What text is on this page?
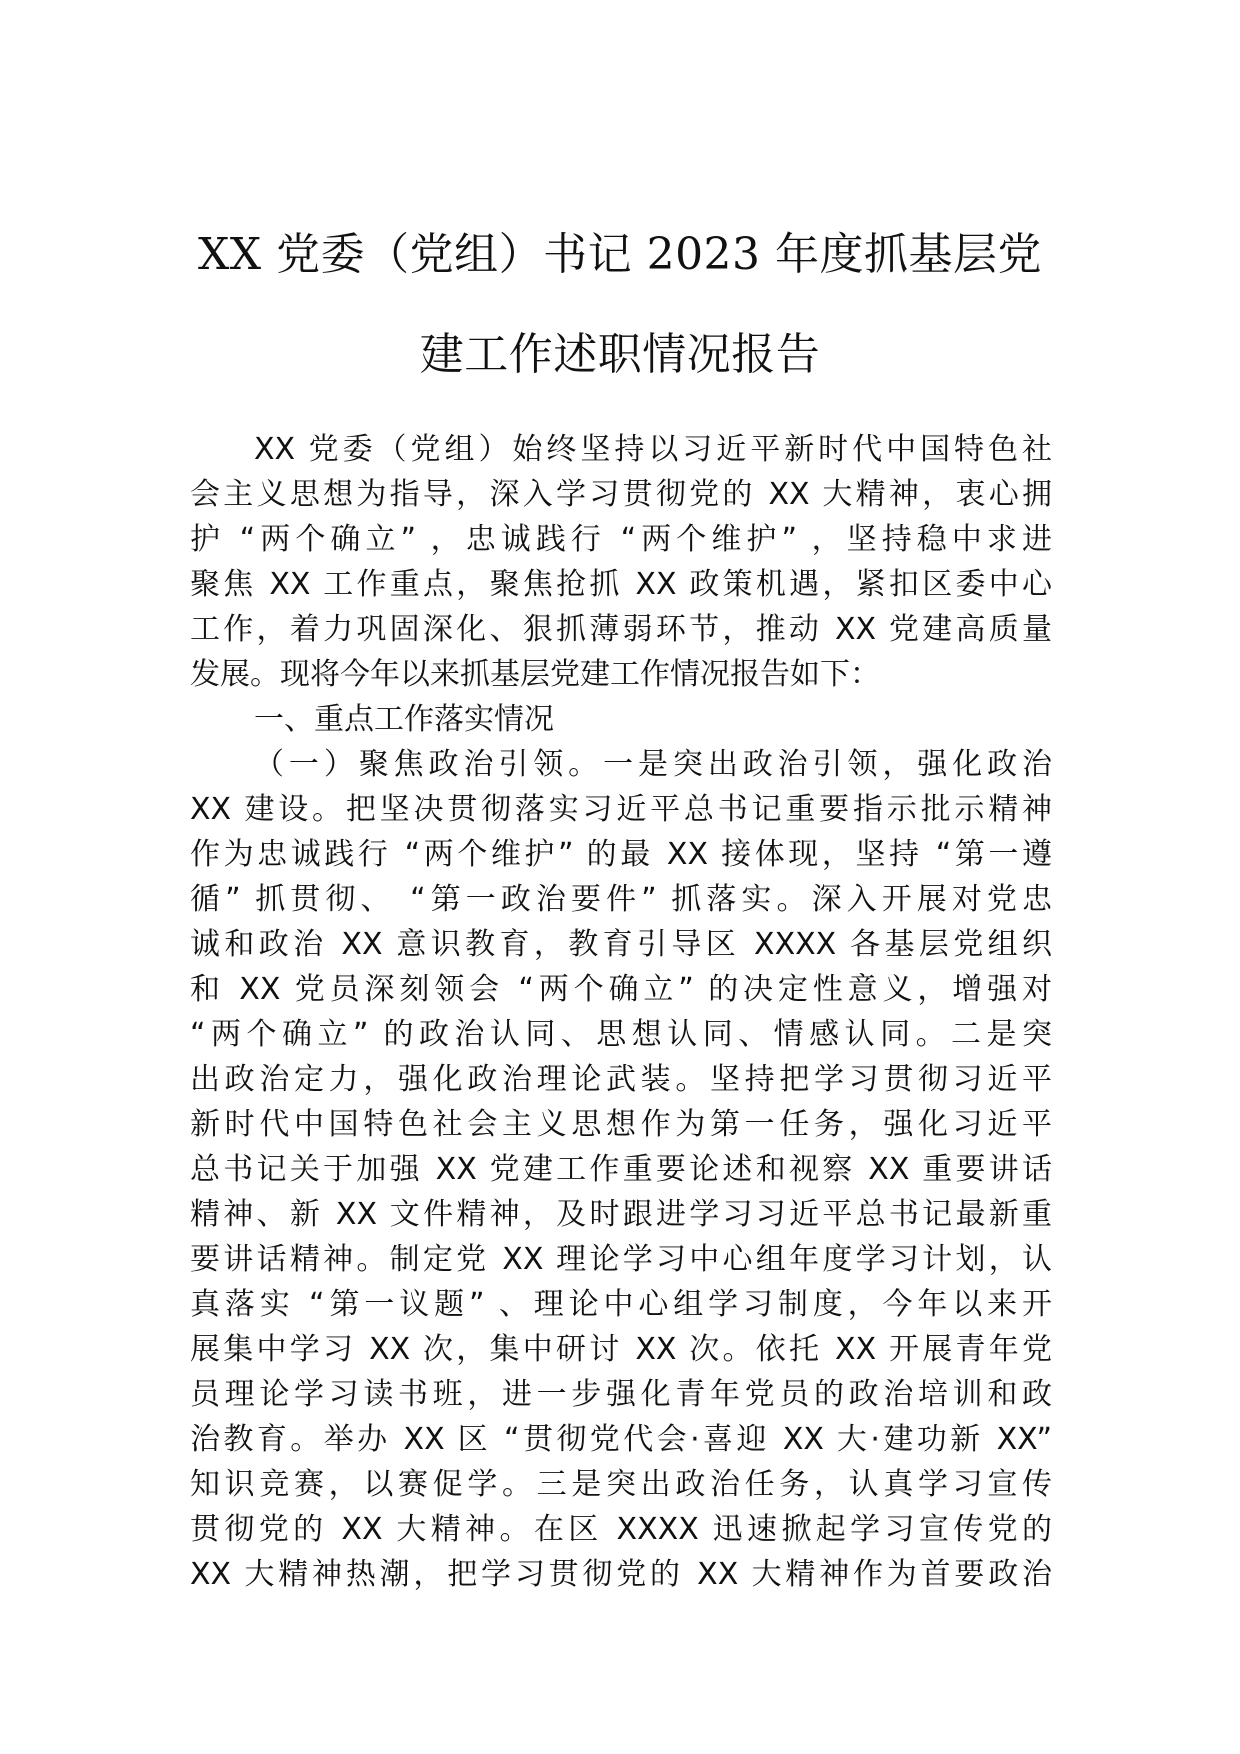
XX 党委（党组）书记 2023 年度抓基层党
建工作述职情况报告
XX 党委（党组）始终坚持以习近平新时代中国特色社
会主义思想为指导，深入学习贯彻党的 XX 大精神，衷心拥
护 “两个确立” ，忠诚践行 “两个维护” ，坚持稳中求进
聚焦 XX 工作重点，聚焦抢抓 XX 政策机遇，紧扣区委中心
工作，着力巩固深化、狠抓薄弱环节，推动 XX 党建高质量
发展。现将今年以来抓基层党建工作情况报告如下：
一、重点工作落实情况
（一）聚焦政治引领。一是突出政治引领，强化政治
XX 建设。把坚决贯彻落实习近平总书记重要指示批示精神
作为忠诚践行 “两个维护” 的最 XX 接体现，坚持 “第一遵
循” 抓贯彻、 “第一政治要件” 抓落实。深入开展对党忠
诚和政治 XX 意识教育，教育引导区 XXXX 各基层党组织
和 XX 党员深刻领会 “两个确立” 的决定性意义，增强对
“两个确立” 的政治认同、思想认同、情感认同。二是突
出政治定力，强化政治理论武装。坚持把学习贯彻习近平
新时代中国特色社会主义思想作为第一任务，强化习近平
总书记关于加强 XX 党建工作重要论述和视察 XX 重要讲话
精神、新 XX 文件精神，及时跟进学习习近平总书记最新重
要讲话精神。制定党 XX 理论学习中心组年度学习计划，认
真落实 “第一议题” 、理论中心组学习制度，今年以来开
展集中学习 XX 次，集中研讨 XX 次。依托 XX 开展青年党
员理论学习读书班，进一步强化青年党员的政治培训和政
治教育。举办 XX 区 “贯彻党代会·喜迎 XX 大·建功新 XX”
知识竞赛，以赛促学。三是突出政治任务，认真学习宣传
贯彻党的 XX 大精神。在区 XXXX 迅速掀起学习宣传党的
XX 大精神热潮，把学习贯彻党的 XX 大精神作为首要政治
